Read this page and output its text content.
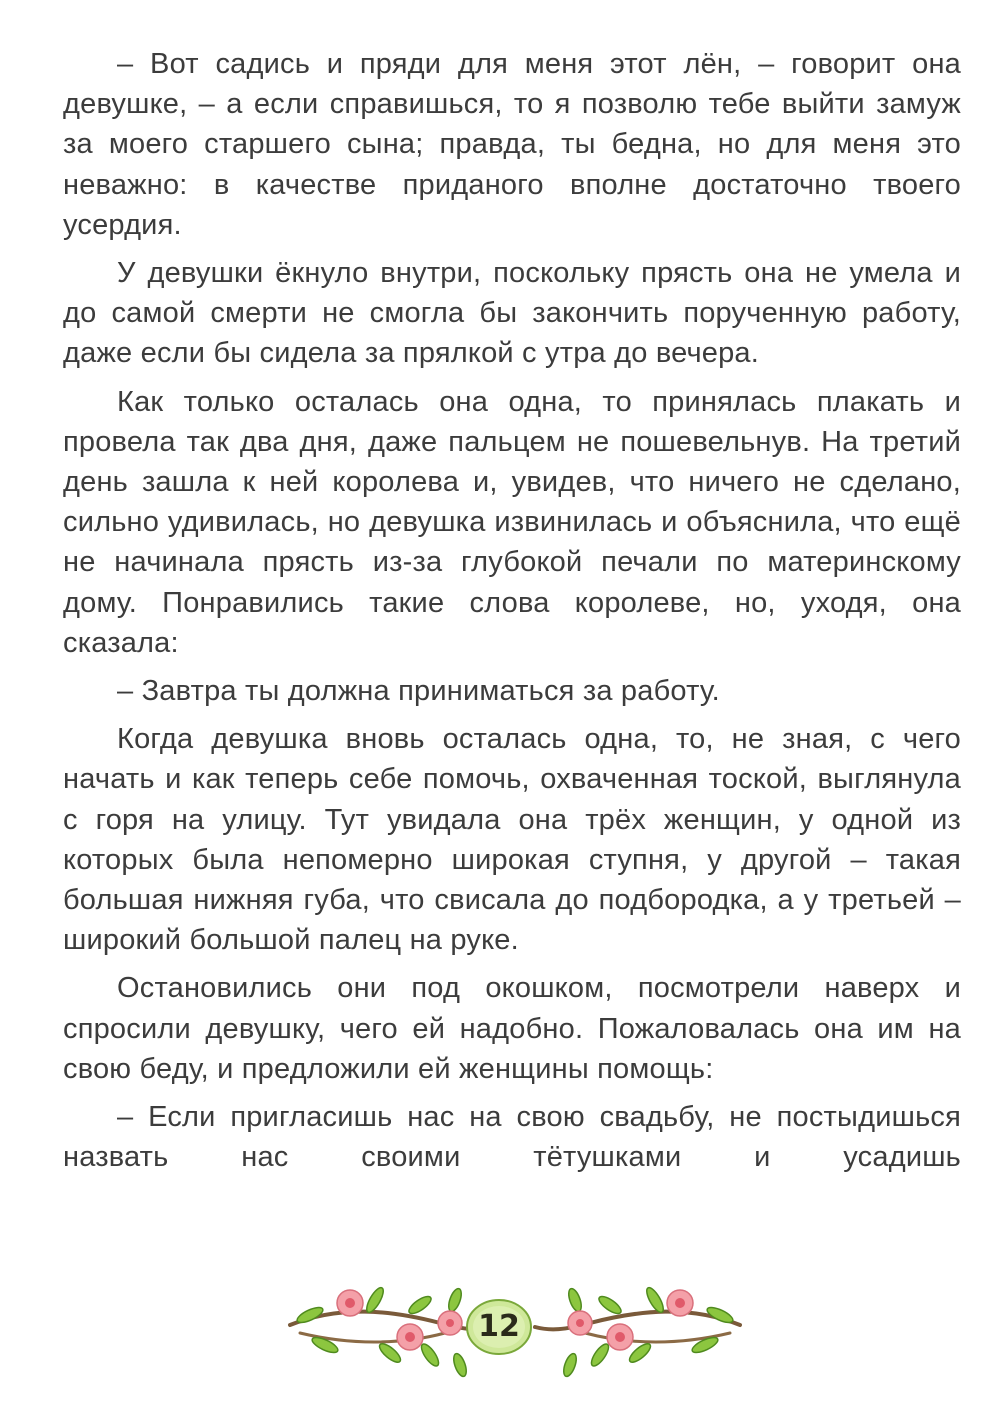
– Вот садись и пряди для меня этот лён, – говорит она девушке, – а если справишься, то я позволю тебе выйти замуж за моего старшего сына; правда, ты бедна, но для меня это неважно: в качестве приданого вполне достаточно твоего усердия.

У девушки ёкнуло внутри, поскольку прясть она не умела и до самой смерти не смогла бы закончить порученную работу, даже если бы сидела за прялкой с утра до вечера.

Как только осталась она одна, то принялась плакать и провела так два дня, даже пальцем не пошевельнув. На третий день зашла к ней королева и, увидев, что ничего не сделано, сильно удивилась, но девушка извинилась и объяснила, что ещё не начинала прясть из-за глубокой печали по материнскому дому. Понравились такие слова королеве, но, уходя, она сказала:

– Завтра ты должна приниматься за работу.

Когда девушка вновь осталась одна, то, не зная, с чего начать и как теперь себе помочь, охваченная тоской, выглянула с горя на улицу. Тут увидала она трёх женщин, у одной из которых была непомерно широкая ступня, у другой – такая большая нижняя губа, что свисала до подбородка, а у третьей – широкий большой палец на руке.

Остановились они под окошком, посмотрели наверх и спросили девушку, чего ей надобно. Пожаловалась она им на свою беду, и предложили ей женщины помощь:

– Если пригласишь нас на свою свадьбу, не постыдишься назвать нас своими тётушками и усадишь

12
